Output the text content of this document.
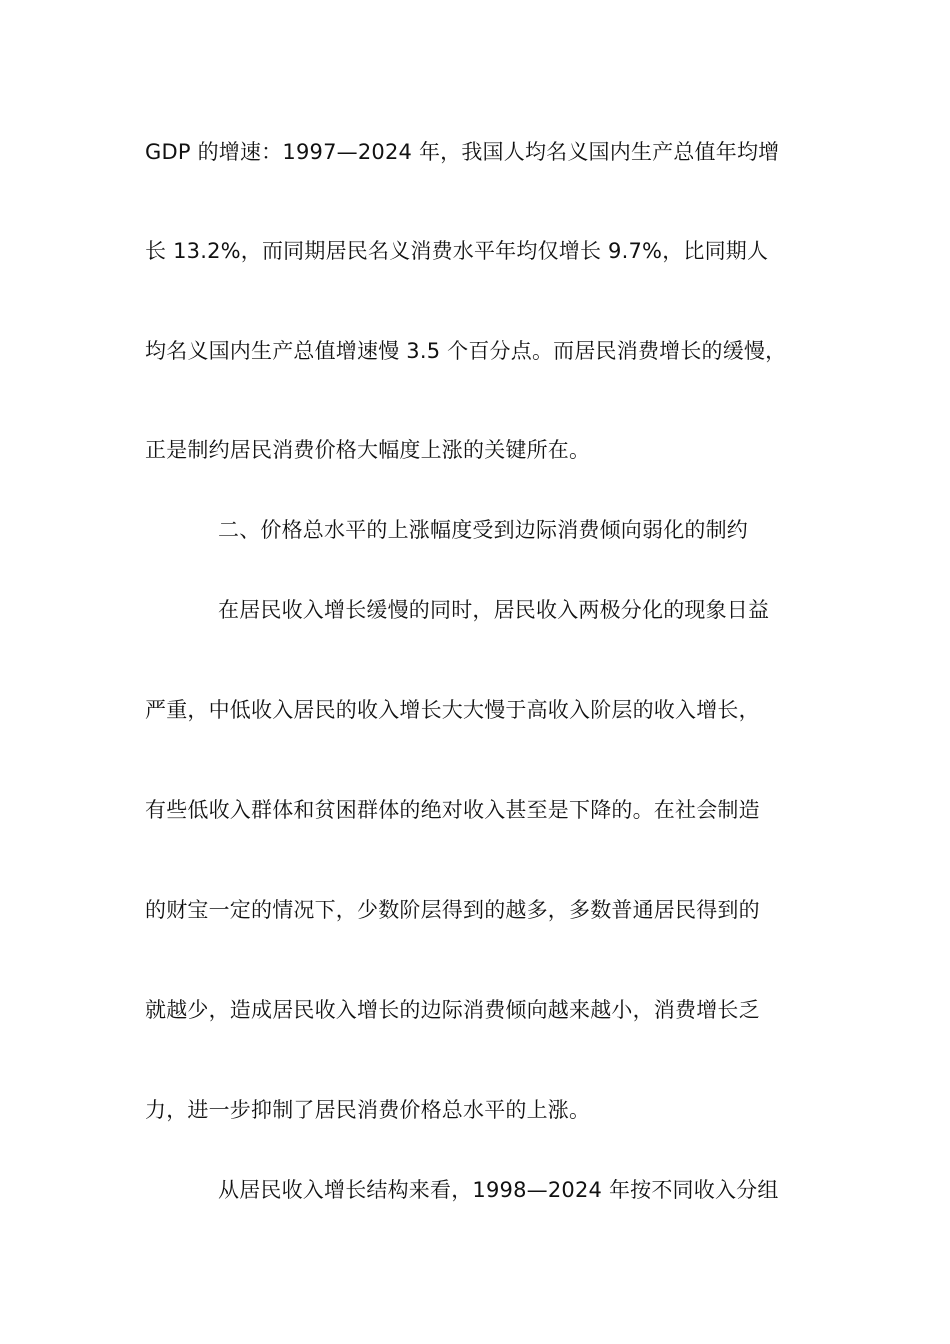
GDP 的增速：1997—2024 年，我国人均名义国内生产总值年均增
长 13.2%，而同期居民名义消费水平年均仅增长 9.7%，比同期人
均名义国内生产总值增速慢 3.5 个百分点。而居民消费增长的缓慢，
正是制约居民消费价格大幅度上涨的关键所在。
二、价格总水平的上涨幅度受到边际消费倾向弱化的制约
在居民收入增长缓慢的同时，居民收入两极分化的现象日益
严重，中低收入居民的收入增长大大慢于高收入阶层的收入增长，
有些低收入群体和贫困群体的绝对收入甚至是下降的。在社会制造
的财宝一定的情况下，少数阶层得到的越多，多数普通居民得到的
就越少，造成居民收入增长的边际消费倾向越来越小，消费增长乏
力，进一步抑制了居民消费价格总水平的上涨。
从居民收入增长结构来看，1998—2024 年按不同收入分组
